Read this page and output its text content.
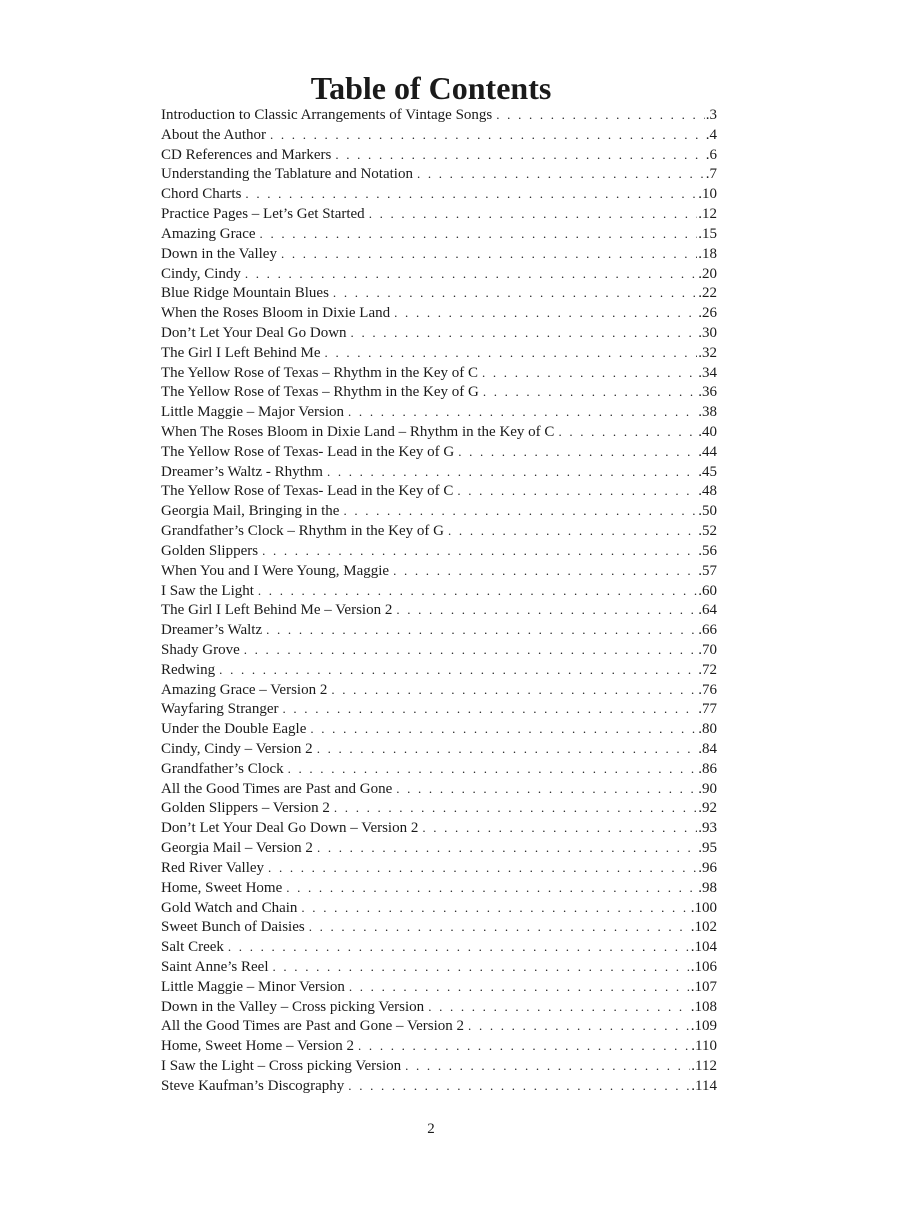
Table of Contents
Introduction to Classic Arrangements of Vintage Songs . . .	.3
About the Author . . .	.4
CD References and Markers . . .	.6
Understanding the Tablature and Notation . . .	.7
Chord Charts . . .	.10
Practice Pages – Let’s Get Started . . .	.12
Amazing Grace . . .	.15
Down in the Valley . . .	.18
Cindy, Cindy . . .	.20
Blue Ridge Mountain Blues . . .	.22
When the Roses Bloom in Dixie Land . . .	.26
Don’t Let Your Deal Go Down . . .	.30
The Girl I Left Behind Me . . .	.32
The Yellow Rose of Texas – Rhythm in the Key of C . . .	.34
The Yellow Rose of Texas – Rhythm in the Key of G . . .	.36
Little Maggie – Major Version . . .	.38
When The Roses Bloom in Dixie Land – Rhythm in the Key of C . . .	.40
The Yellow Rose of Texas- Lead in the Key of G . . .	.44
Dreamer’s Waltz - Rhythm . . .	.45
The Yellow Rose of Texas- Lead in the Key of C . . .	.48
Georgia Mail, Bringing in the . . .	.50
Grandfather’s Clock – Rhythm in the Key of G . . .	.52
Golden Slippers . . .	.56
When You and I Were Young, Maggie . . .	.57
I Saw the Light . . .	.60
The Girl I Left Behind Me – Version 2 . . .	.64
Dreamer’s Waltz . . .	.66
Shady Grove . . .	.70
Redwing . . .	.72
Amazing Grace – Version 2 . . .	.76
Wayfaring Stranger . . .	.77
Under the Double Eagle . . .	.80
Cindy, Cindy – Version 2 . . .	.84
Grandfather’s Clock . . .	.86
All the Good Times are Past and Gone . . .	.90
Golden Slippers – Version 2 . . .	.92
Don’t Let Your Deal Go Down – Version 2 . . .	.93
Georgia Mail – Version 2 . . .	.95
Red River Valley . . .	.96
Home, Sweet Home . . .	.98
Gold Watch and Chain . . .	.100
Sweet Bunch of Daisies . . .	.102
Salt Creek . . .	.104
Saint Anne’s Reel . . .	.106
Little Maggie – Minor Version . . .	.107
Down in the Valley – Cross picking Version . . .	.108
All the Good Times are Past and Gone – Version 2 . . .	.109
Home, Sweet Home – Version 2 . . .	.110
I Saw the Light – Cross picking Version . . .	.112
Steve Kaufman’s Discography . . .	.114
2
